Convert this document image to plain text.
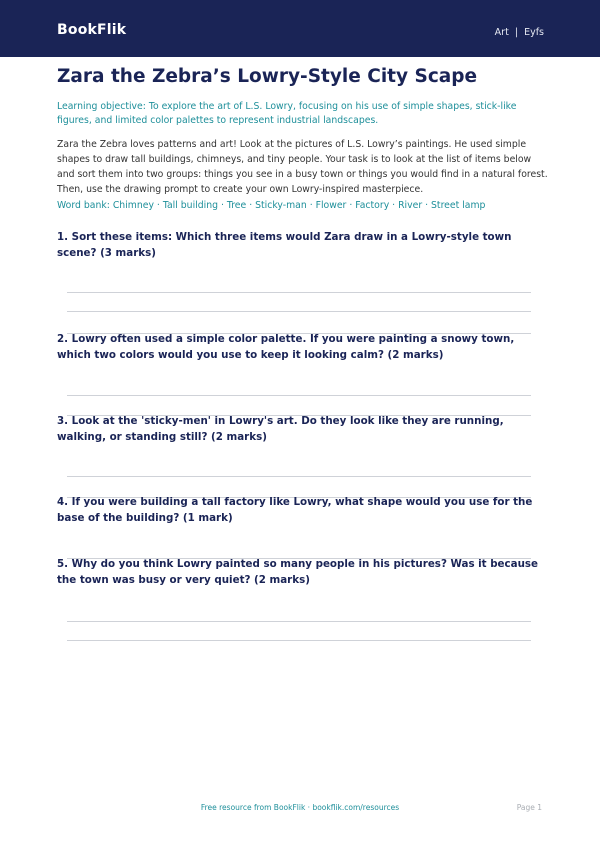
BookFlik	Art  |  Eyfs
Zara the Zebra’s Lowry-Style City Scape
Learning objective: To explore the art of L.S. Lowry, focusing on his use of simple shapes, stick-like figures, and limited color palettes to represent industrial landscapes.
Zara the Zebra loves patterns and art! Look at the pictures of L.S. Lowry’s paintings. He used simple shapes to draw tall buildings, chimneys, and tiny people. Your task is to look at the list of items below and sort them into two groups: things you see in a busy town or things you would find in a natural forest. Then, use the drawing prompt to create your own Lowry-inspired masterpiece.
Word bank: Chimney · Tall building · Tree · Sticky-man · Flower · Factory · River · Street lamp
1. Sort these items: Which three items would Zara draw in a Lowry-style town scene? (3 marks)
2. Lowry often used a simple color palette. If you were painting a snowy town, which two colors would you use to keep it looking calm? (2 marks)
3. Look at the 'sticky-men' in Lowry's art. Do they look like they are running, walking, or standing still? (2 marks)
4. If you were building a tall factory like Lowry, what shape would you use for the base of the building? (1 mark)
5. Why do you think Lowry painted so many people in his pictures? Was it because the town was busy or very quiet? (2 marks)
Free resource from BookFlik · bookflik.com/resources	Page 1
